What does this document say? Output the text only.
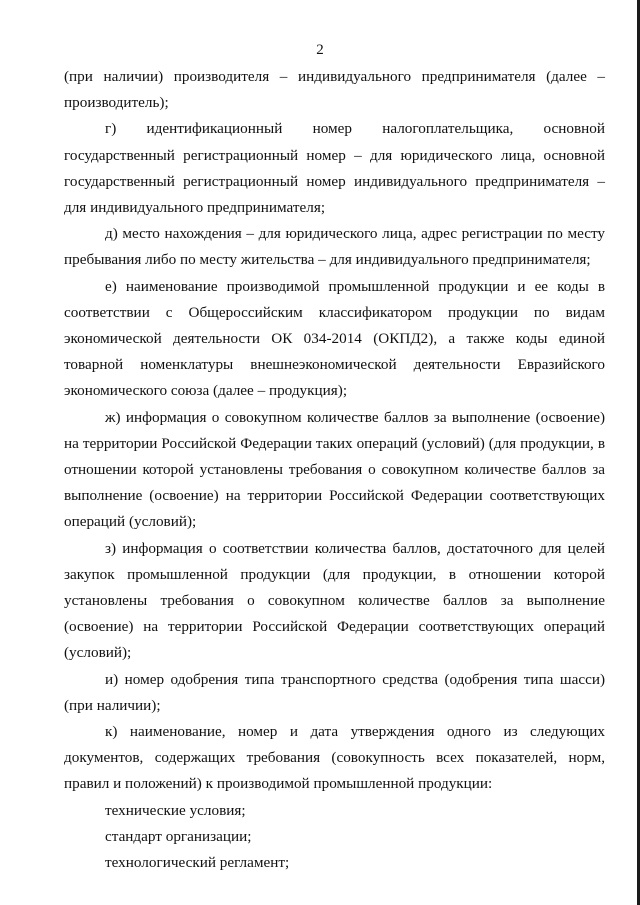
2

(при наличии) производителя – индивидуального предпринимателя (далее – производитель);

г) идентификационный номер налогоплательщика, основной государственный регистрационный номер – для юридического лица, основной государственный регистрационный номер индивидуального предпринимателя – для индивидуального предпринимателя;

д) место нахождения – для юридического лица, адрес регистрации по месту пребывания либо по месту жительства – для индивидуального предпринимателя;

е) наименование производимой промышленной продукции и ее коды в соответствии с Общероссийским классификатором продукции по видам экономической деятельности ОК 034-2014 (ОКПД2), а также коды единой товарной номенклатуры внешнеэкономической деятельности Евразийского экономического союза (далее – продукция);

ж) информация о совокупном количестве баллов за выполнение (освоение) на территории Российской Федерации таких операций (условий) (для продукции, в отношении которой установлены требования о совокупном количестве баллов за выполнение (освоение) на территории Российской Федерации соответствующих операций (условий);

з) информация о соответствии количества баллов, достаточного для целей закупок промышленной продукции (для продукции, в отношении которой установлены требования о совокупном количестве баллов за выполнение (освоение) на территории Российской Федерации соответствующих операций (условий);

и) номер одобрения типа транспортного средства (одобрения типа шасси) (при наличии);

к) наименование, номер и дата утверждения одного из следующих документов, содержащих требования (совокупность всех показателей, норм, правил и положений) к производимой промышленной продукции:

технические условия;

стандарт организации;

технологический регламент;
